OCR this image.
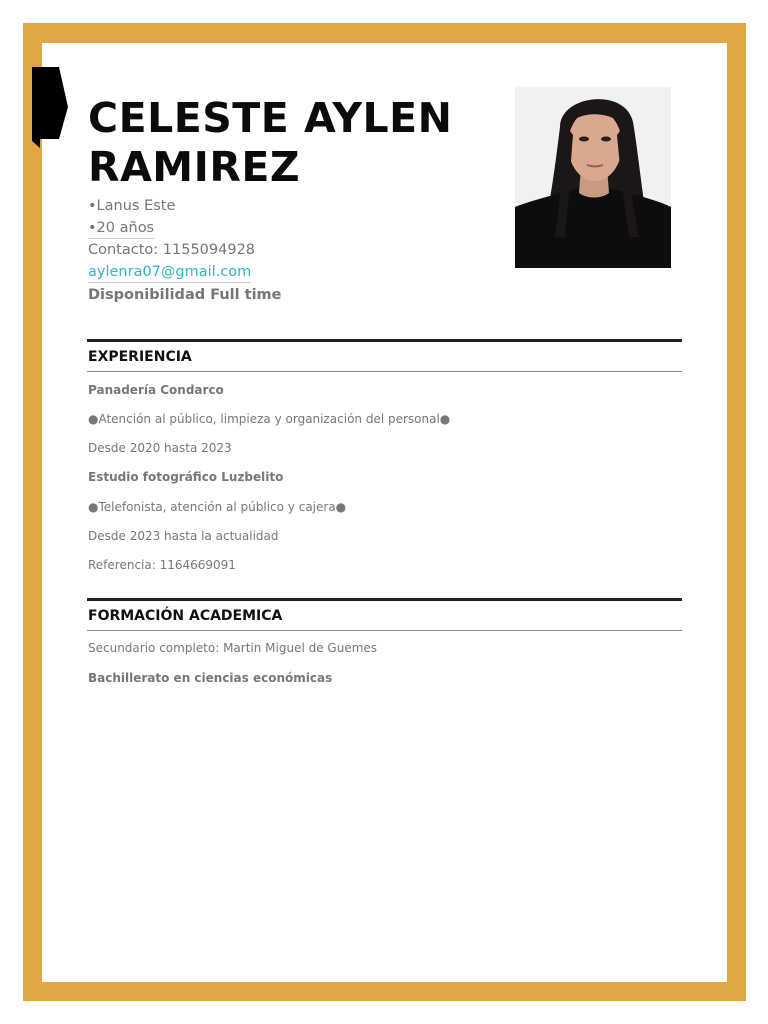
CELESTE AYLEN
RAMIREZ
•Lanus Este
•20 años
Contacto: 1155094928
aylenra07@gmail.com
Disponibilidad Full time
EXPERIENCIA
Panadería Condarco
●Atención al público, limpieza y organización del personal●
Desde 2020 hasta 2023
Estudio fotográfico Luzbelito
●Telefonista, atención al público y cajera●
Desde 2023 hasta la actualidad
Referencia: 1164669091
FORMACIÓN ACADEMICA
Secundario completo: Martin Miguel de Guemes
Bachillerato en ciencias económicas
